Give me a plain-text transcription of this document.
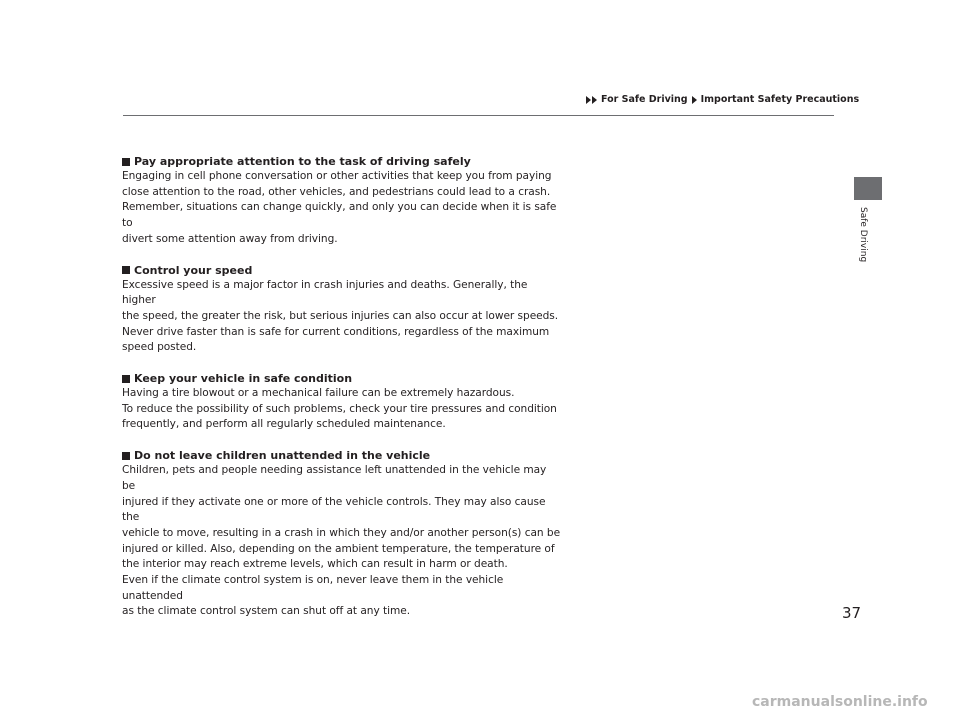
For Safe Driving Important Safety Precautions
Safe Driving

Pay appropriate attention to the task of driving safely

Engaging in cell phone conversation or other activities that keep you from paying

close attention to the road, other vehicles, and pedestrians could lead to a crash.

Remember, situations can change quickly, and only you can decide when it is safe to

divert some attention away from driving.

Control your speed

Excessive speed is a major factor in crash injuries and deaths. Generally, the higher

the speed, the greater the risk, but serious injuries can also occur at lower speeds.

Never drive faster than is safe for current conditions, regardless of the maximum

speed posted.

Keep your vehicle in safe condition

Having a tire blowout or a mechanical failure can be extremely hazardous.

To reduce the possibility of such problems, check your tire pressures and condition

frequently, and perform all regularly scheduled maintenance.

Do not leave children unattended in the vehicle

Children, pets and people needing assistance left unattended in the vehicle may be

injured if they activate one or more of the vehicle controls. They may also cause the

vehicle to move, resulting in a crash in which they and/or another person(s) can be

injured or killed. Also, depending on the ambient temperature, the temperature of

the interior may reach extreme levels, which can result in harm or death.

Even if the climate control system is on, never leave them in the vehicle unattended

as the climate control system can shut off at any time.	37
carmanualsonline.info
